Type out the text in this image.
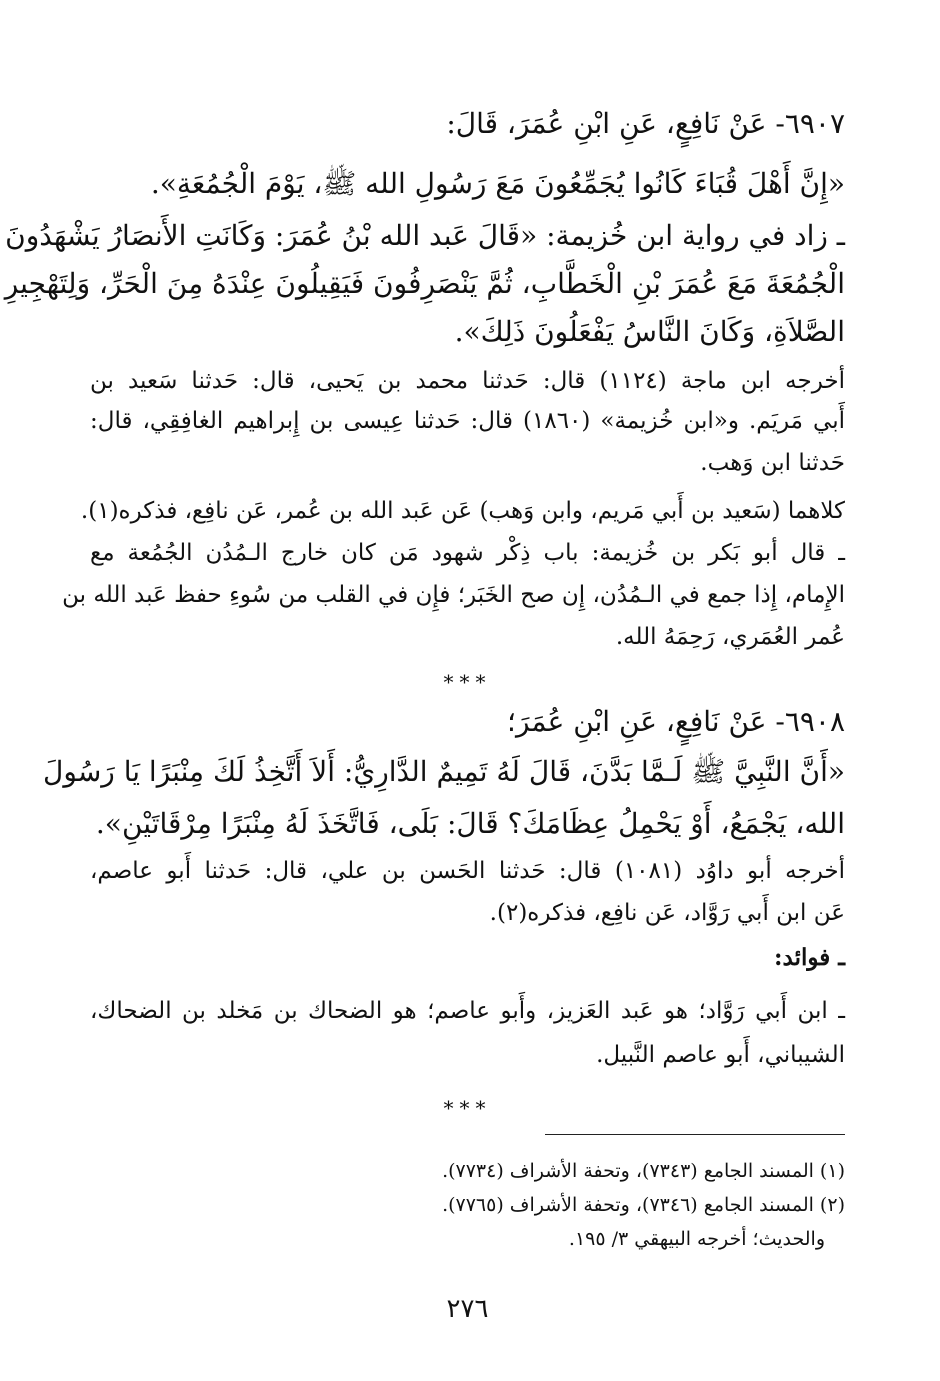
٦٩٠٧- عَنْ نَافِعٍ، عَنِ ابْنِ عُمَرَ، قَالَ:
«إِنَّ أَهْلَ قُبَاءَ كَانُوا يُجَمِّعُونَ مَعَ رَسُولِ الله ﷺ، يَوْمَ الْجُمُعَةِ».
ـ زاد في رواية ابن خُزيمة: «قَالَ عَبد الله بْنُ عُمَرَ: وَكَانَتِ الأَنصَارُ يَشْهَدُونَ
الْجُمُعَةَ مَعَ عُمَرَ بْنِ الْخَطَّابِ، ثُمَّ يَنْصَرِفُونَ فَيَقِيلُونَ عِنْدَهُ مِنَ الْحَرِّ، وَلِتَهْجِيرِ
الصَّلاَةِ، وَكَانَ النَّاسُ يَفْعَلُونَ ذَلِكَ».
أخرجه ابن ماجة (١١٢٤) قال: حَدثنا محمد بن يَحيى، قال: حَدثنا سَعيد بن
أَبي مَريَم. و«ابن خُزيمة» (١٨٦٠) قال: حَدثنا عِيسى بن إِبراهيم الغافِقِي، قال:
حَدثنا ابن وَهب.
كلاهما (سَعيد بن أَبي مَريم، وابن وَهب) عَن عَبد الله بن عُمر، عَن نافِع، فذكره(١).
ـ قال أبو بَكر بن خُزيمة: باب ذِكْر شهود مَن كان خارج الـمُدُن الجُمُعة مع
الإِمام، إِذا جمع في الـمُدُن، إِن صح الخَبَر؛ فإِن في القلب من سُوءِ حفظ عَبد الله بن
عُمر العُمَري، رَحِمَهُ الله.
***
٦٩٠٨- عَنْ نَافِعٍ، عَنِ ابْنِ عُمَرَ؛
«أَنَّ النَّبِيَّ ﷺ لَـمَّا بَدَّنَ، قَالَ لَهُ تَمِيمٌ الدَّارِيُّ: أَلاَ أَتَّخِذُ لَكَ مِنْبَرًا يَا رَسُولَ
الله، يَجْمَعُ، أَوْ يَحْمِلُ عِظَامَكَ؟ قَالَ: بَلَى، فَاتَّخَذَ لَهُ مِنْبَرًا مِرْقَاتَيْنِ».
أخرجه أبو داوُد (١٠٨١) قال: حَدثنا الحَسن بن علي، قال: حَدثنا أَبو عاصم،
عَن ابن أَبي رَوَّاد، عَن نافِع، فذكره(٢).
ـ فوائد:
ـ ابن أَبي رَوَّاد؛ هو عَبد العَزيز، وأَبو عاصم؛ هو الضحاك بن مَخلد بن الضحاك،
الشيباني، أَبو عاصم النَّبيل.
***
(١) المسند الجامع (٧٣٤٣)، وتحفة الأشراف (٧٧٣٤).
(٢) المسند الجامع (٧٣٤٦)، وتحفة الأشراف (٧٧٦٥).
والحديث؛ أخرجه البيهقي ٣/ ١٩٥.
٢٧٦
